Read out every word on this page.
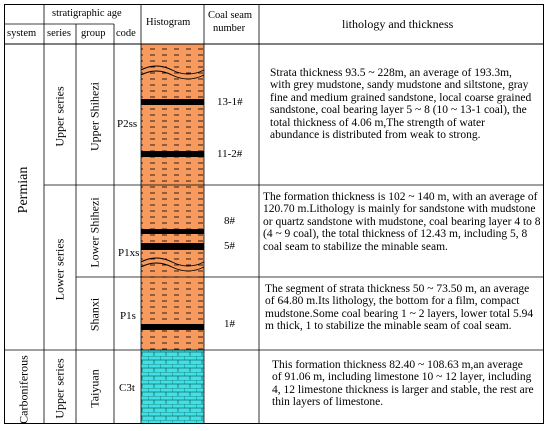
stratigraphic age
system series group code
Histogram
Coal seam
number	lithology and thickness
Permian
Carboniferous
Upper series
Lower series
Upper series
Upper Shihezi
Lower Shihezi
Shanxi
Taiyuan
P2ss
P1xs
P1s
C3t
13-1#
11-2#
8#
5#
1#
Strata thickness 93.5 ~ 228m, an average of 193.3m, with grey mudstone, sandy mudstone and siltstone, gray fine and medium grained sandstone, local coarse grained sandstone, coal bearing layer 5 ~ 8 (10 ~ 13-1 coal), the total thickness of 4.06 m,The strength of water abundance is distributed from weak to strong.
The formation thickness is 102 ~ 140 m, with an average of 120.70 m.Lithology is mainly for sandstone with mudstone or quartz sandstone with mudstone, coal bearing layer 4 to 8 (4 ~ 9 coal), the total thickness of 12.43 m, including 5, 8 coal seam to stabilize the minable seam.
The segment of strata thickness 50 ~ 73.50 m, an average of 64.80 m.Its lithology, the bottom for a film, compact mudstone.Some coal bearing 1 ~ 2 layers, lower total 5.94 m thick, 1 to stabilize the minable seam of coal seam.
This formation thickness 82.40 ~ 108.63 m,an average of 91.06 m, including limestone 10 ~ 12 layer, including 4, 12 limestone thickness is larger and stable, the rest are thin layers of limestone.
